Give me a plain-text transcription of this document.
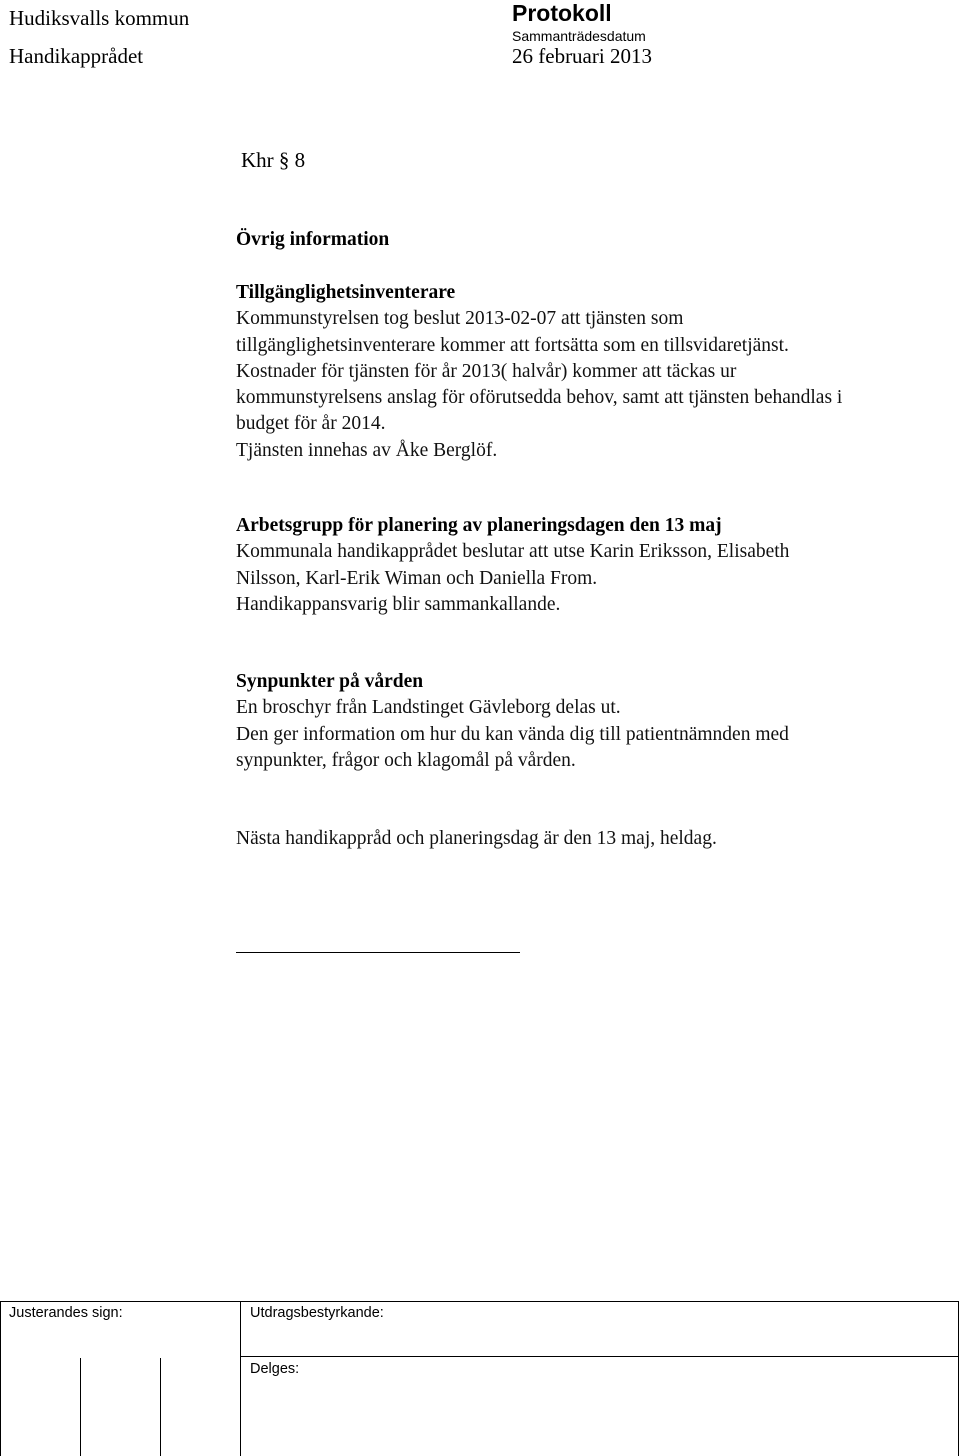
Hudiksvalls kommun
Handikapprådet
Protokoll
Sammanträdesdatum
26 februari 2013
Khr § 8
Övrig information

Tillgänglighetsinventerare

Kommunstyrelsen tog beslut 2013-02-07 att tjänsten som

tillgänglighetsinventerare kommer att fortsätta som en tillsvidaretjänst.

Kostnader för tjänsten för år 2013( halvår) kommer att täckas ur

kommunstyrelsens anslag för oförutsedda behov, samt att tjänsten behandlas i

budget för år 2014.

Tjänsten innehas av Åke Berglöf.

Arbetsgrupp för planering av planeringsdagen den 13 maj

Kommunala handikapprådet beslutar att utse Karin Eriksson, Elisabeth

Nilsson, Karl-Erik Wiman och Daniella From.

Handikappansvarig blir sammankallande.

Synpunkter på vården

En broschyr från Landstinget Gävleborg delas ut.

Den ger information om hur du kan vända dig till patientnämnden med

synpunkter, frågor och klagomål på vården.

Nästa handikappråd och planeringsdag är den 13 maj, heldag.
Justerandes sign:	Utdragsbestyrkande:
Delges:
